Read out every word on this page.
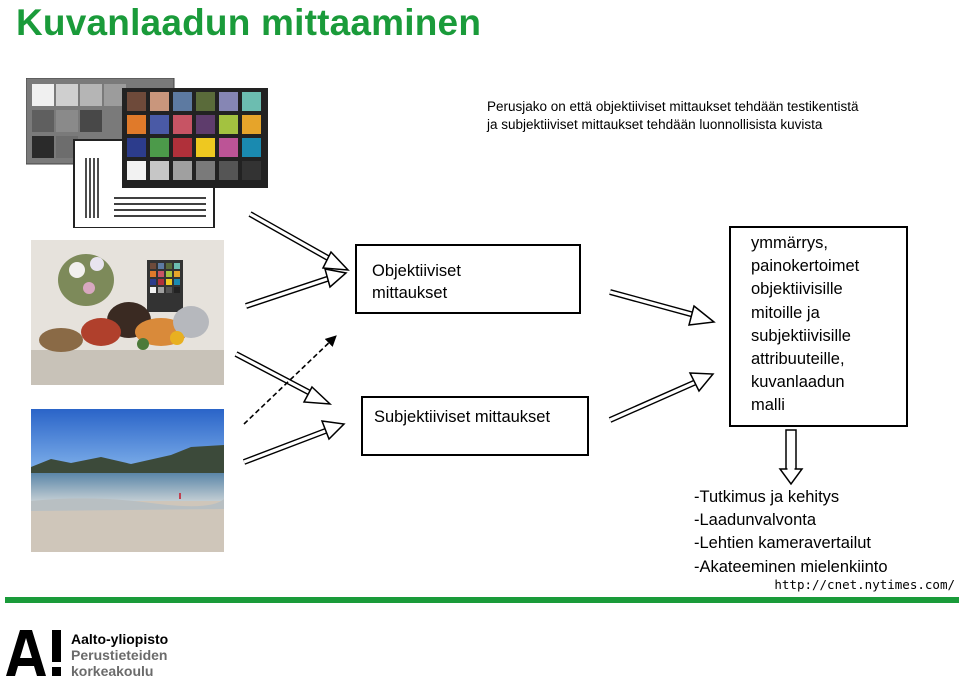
Kuvanlaadun mittaaminen
Perusjako on että objektiiviset mittaukset tehdään testikentistä
ja subjektiiviset mittaukset tehdään luonnollisista kuvista
Objektiiviset
mittaukset
Subjektiiviset mittaukset
ymmärrys,
painokertoimet
objektiivisille
mitoille ja
subjektiivisille
attribuuteille,
kuvanlaadun
malli
-Tutkimus ja kehitys
-Laadunvalvonta
-Lehtien kameravertailut
-Akateeminen mielenkiinto
http://cnet.nytimes.com/
Aalto-yliopisto
Perustieteiden
korkeakoulu
